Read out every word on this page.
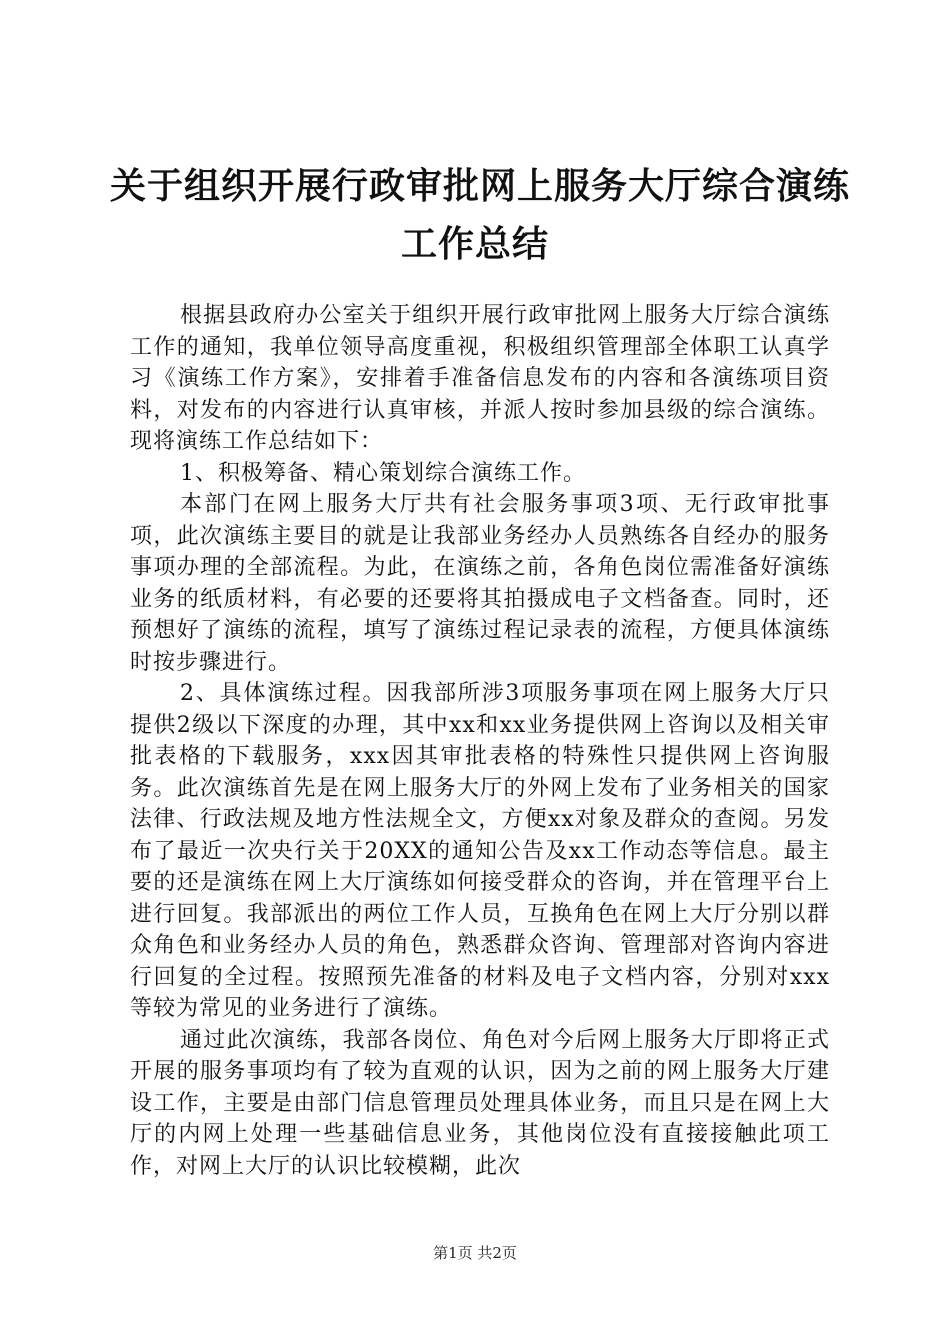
关于组织开展行政审批网上服务大厅综合演练
工作总结

根据县政府办公室关于组织开展行政审批网上服务大厅综合演练工作的通知，我单位领导高度重视，积极组织管理部全体职工认真学习《演练工作方案》，安排着手准备信息发布的内容和各演练项目资料，对发布的内容进行认真审核，并派人按时参加县级的综合演练。现将演练工作总结如下：

1、积极筹备、精心策划综合演练工作。

本部门在网上服务大厅共有社会服务事项3项、无行政审批事项，此次演练主要目的就是让我部业务经办人员熟练各自经办的服务事项办理的全部流程。为此，在演练之前，各角色岗位需准备好演练业务的纸质材料，有必要的还要将其拍摄成电子文档备查。同时，还预想好了演练的流程，填写了演练过程记录表的流程，方便具体演练时按步骤进行。

2、具体演练过程。因我部所涉3项服务事项在网上服务大厅只提供2级以下深度的办理，其中xx和xx业务提供网上咨询以及相关审批表格的下载服务，xxx因其审批表格的特殊性只提供网上咨询服务。此次演练首先是在网上服务大厅的外网上发布了业务相关的国家法律、行政法规及地方性法规全文，方便xx对象及群众的查阅。另发布了最近一次央行关于20XX的通知公告及xx工作动态等信息。最主要的还是演练在网上大厅演练如何接受群众的咨询，并在管理平台上进行回复。我部派出的两位工作人员，互换角色在网上大厅分别以群众角色和业务经办人员的角色，熟悉群众咨询、管理部对咨询内容进行回复的全过程。按照预先准备的材料及电子文档内容，分别对xxx等较为常见的业务进行了演练。

通过此次演练，我部各岗位、角色对今后网上服务大厅即将正式开展的服务事项均有了较为直观的认识，因为之前的网上服务大厅建设工作，主要是由部门信息管理员处理具体业务，而且只是在网上大厅的内网上处理一些基础信息业务，其他岗位没有直接接触此项工作，对网上大厅的认识比较模糊，此次

第1页 共2页
